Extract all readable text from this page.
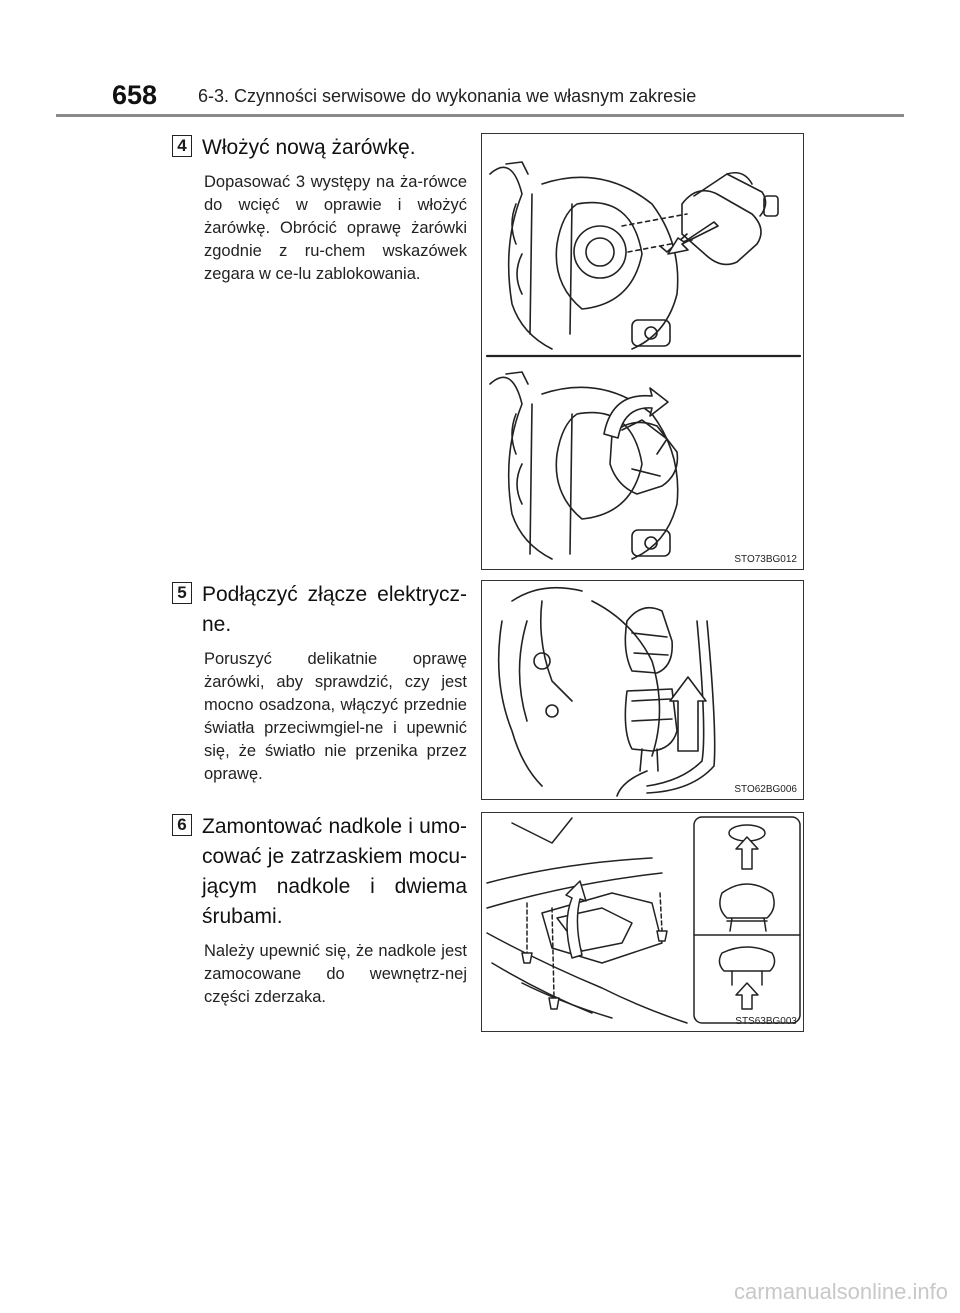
658 6-3. Czynności serwisowe do wykonania we własnym zakresie
4 Włożyć nową żarówkę.
Dopasować 3 występy na ża-rówce do wcięć w oprawie i włożyć żarówkę. Obrócić oprawę żarówki zgodnie z ru-chem wskazówek zegara w ce-lu zablokowania.
STO73BG012
5 Podłączyć złącze elektrycz-ne.
Poruszyć delikatnie oprawę żarówki, aby sprawdzić, czy jest mocno osadzona, włączyć przednie światła przeciwmgiel-ne i upewnić się, że światło nie przenika przez oprawę.
STO62BG006
6 Zamontować nadkole i umo-cować je zatrzaskiem mocu-jącym nadkole i dwiema śrubami.
Należy upewnić się, że nadkole jest zamocowane do wewnętrz-nej części zderzaka.
STS63BG003
carmanualsonline.info
